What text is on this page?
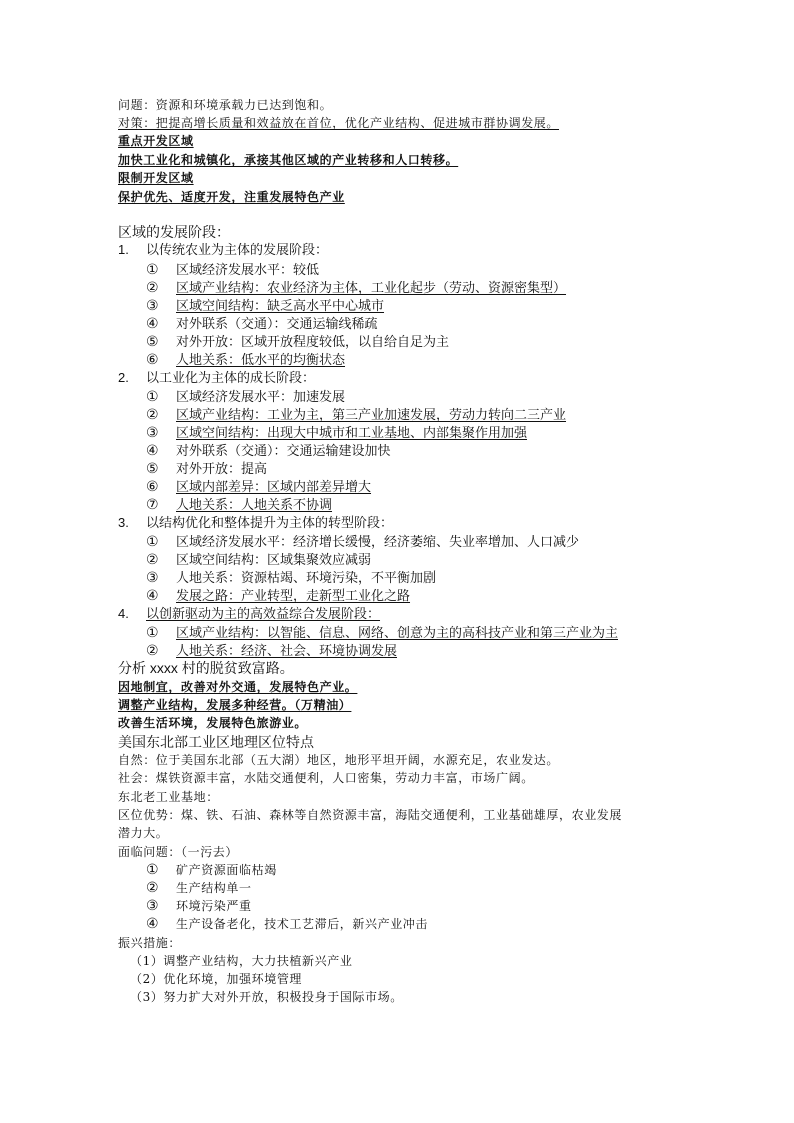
问题：资源和环境承载力已达到饱和。
对策：把提高增长质量和效益放在首位，优化产业结构、促进城市群协调发展。
重点开发区域
加快工业化和城镇化，承接其他区域的产业转移和人口转移。
限制开发区域
保护优先、适度开发，注重发展特色产业
区域的发展阶段：
1. 以传统农业为主体的发展阶段：
① 区域经济发展水平：较低
② 区域产业结构：农业经济为主体，工业化起步（劳动、资源密集型）
③ 区域空间结构：缺乏高水平中心城市
④ 对外联系（交通）：交通运输线稀疏
⑤ 对外开放：区域开放程度较低，以自给自足为主
⑥ 人地关系：低水平的均衡状态
2. 以工业化为主体的成长阶段：
① 区域经济发展水平：加速发展
② 区域产业结构：工业为主，第三产业加速发展，劳动力转向二三产业
③ 区域空间结构：出现大中城市和工业基地、内部集聚作用加强
④ 对外联系（交通）：交通运输建设加快
⑤ 对外开放：提高
⑥ 区域内部差异：区域内部差异增大
⑦ 人地关系：人地关系不协调
3. 以结构优化和整体提升为主体的转型阶段：
① 区域经济发展水平：经济增长缓慢，经济萎缩、失业率增加、人口减少
② 区域空间结构：区域集聚效应减弱
③ 人地关系：资源枯竭、环境污染，不平衡加剧
④ 发展之路：产业转型，走新型工业化之路
4. 以创新驱动为主的高效益综合发展阶段：
① 区域产业结构：以智能、信息、网络、创意为主的高科技产业和第三产业为主
② 人地关系：经济、社会、环境协调发展
分析 xxxx 村的脱贫致富路。
因地制宜，改善对外交通，发展特色产业。
调整产业结构，发展多种经营。（万精油）
改善生活环境，发展特色旅游业。
美国东北部工业区地理区位特点
自然：位于美国东北部（五大湖）地区，地形平坦开阔，水源充足，农业发达。
社会：煤铁资源丰富，水陆交通便利，人口密集，劳动力丰富，市场广阔。
东北老工业基地：
区位优势：煤、铁、石油、森林等自然资源丰富，海陆交通便利，工业基础雄厚，农业发展
潜力大。
面临问题：（一污去）
① 矿产资源面临枯竭
② 生产结构单一
③ 环境污染严重
④ 生产设备老化，技术工艺滞后，新兴产业冲击
振兴措施：
（1）调整产业结构，大力扶植新兴产业
（2）优化环境，加强环境管理
（3）努力扩大对外开放，积极投身于国际市场。
